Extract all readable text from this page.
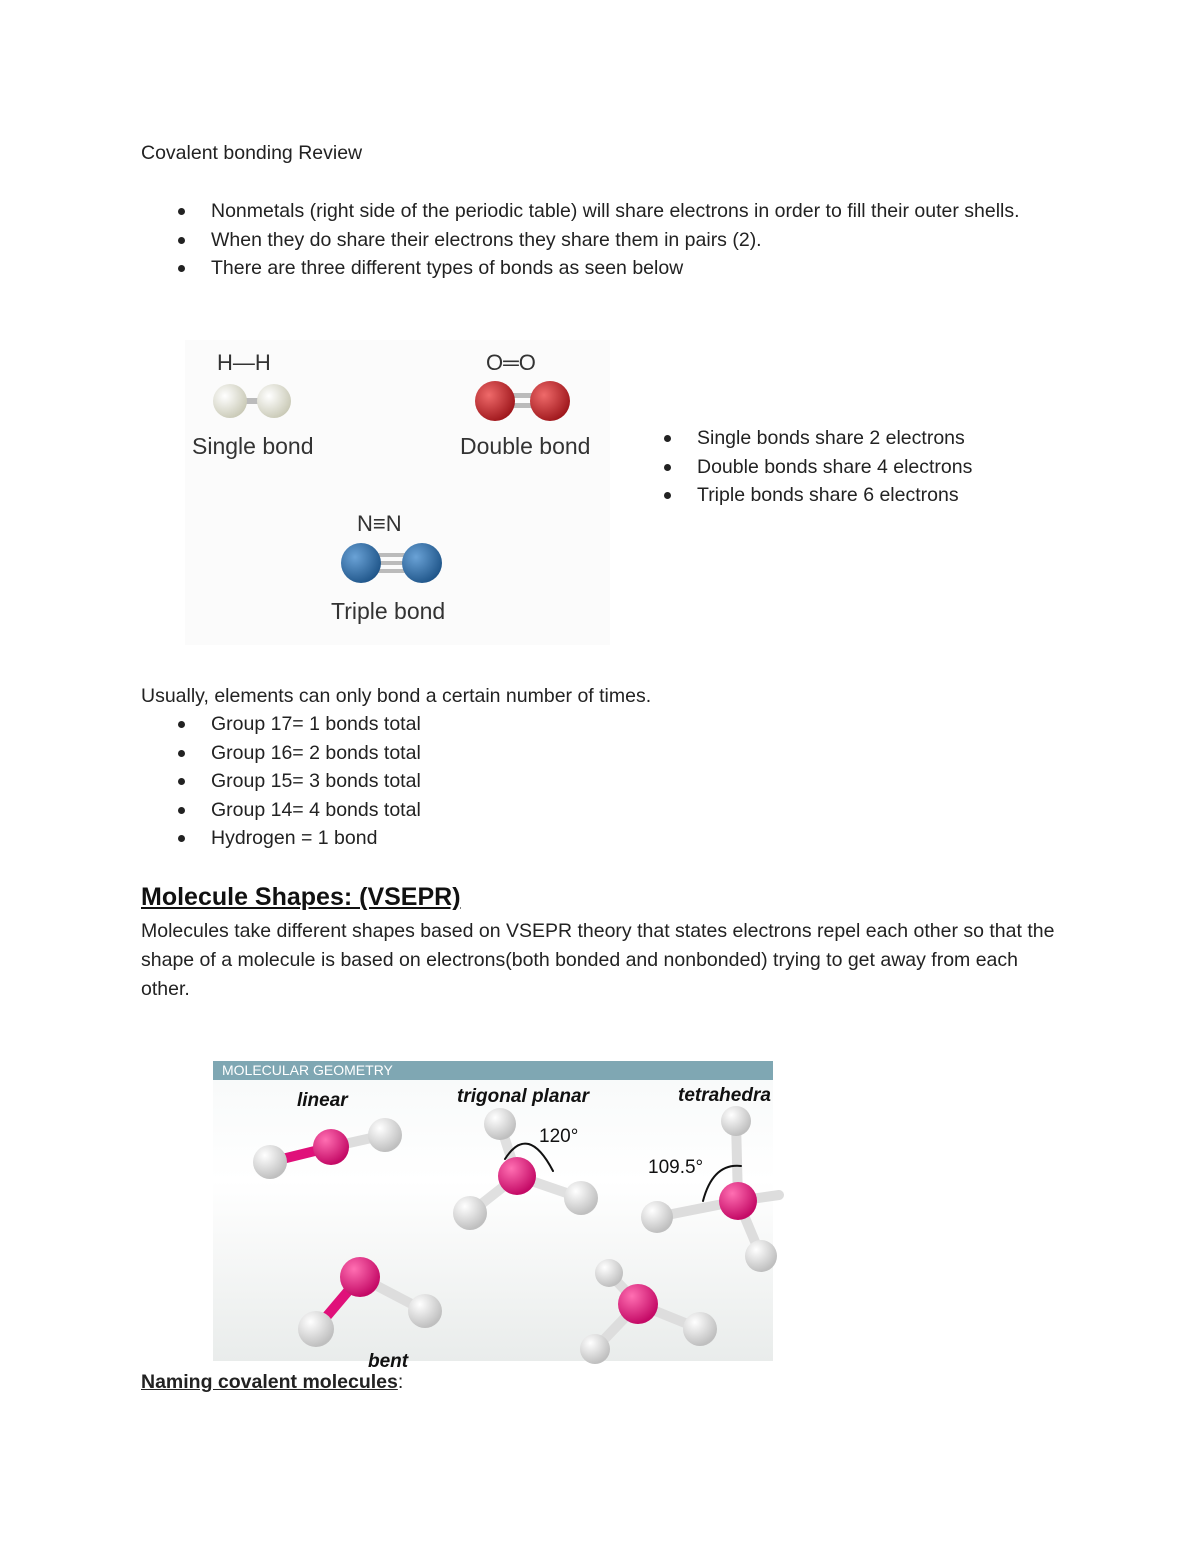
Covalent bonding Review
Nonmetals (right side of the periodic table) will share electrons in order to fill their outer shells.
When they do share their electrons they share them in pairs (2).
There are three different types of bonds as seen below
H—H
Single bond
O═O
Double bond
N≡N
Triple bond
Single bonds share 2 electrons
Double bonds share 4 electrons
Triple bonds share 6 electrons
Usually, elements can only bond a certain number of times.
Group 17= 1 bonds total
Group 16= 2 bonds total
Group 15= 3 bonds total
Group 14= 4 bonds total
Hydrogen = 1 bond
Molecule Shapes: (VSEPR)
Molecules take different shapes based on VSEPR theory that states electrons repel each other so that the shape of a molecule is based on electrons(both bonded and nonbonded) trying to get away from each other.
MOLECULAR GEOMETRY
linear	trigonal planar	tetrahedra
120°
109.5°
bent
Naming covalent molecules:
